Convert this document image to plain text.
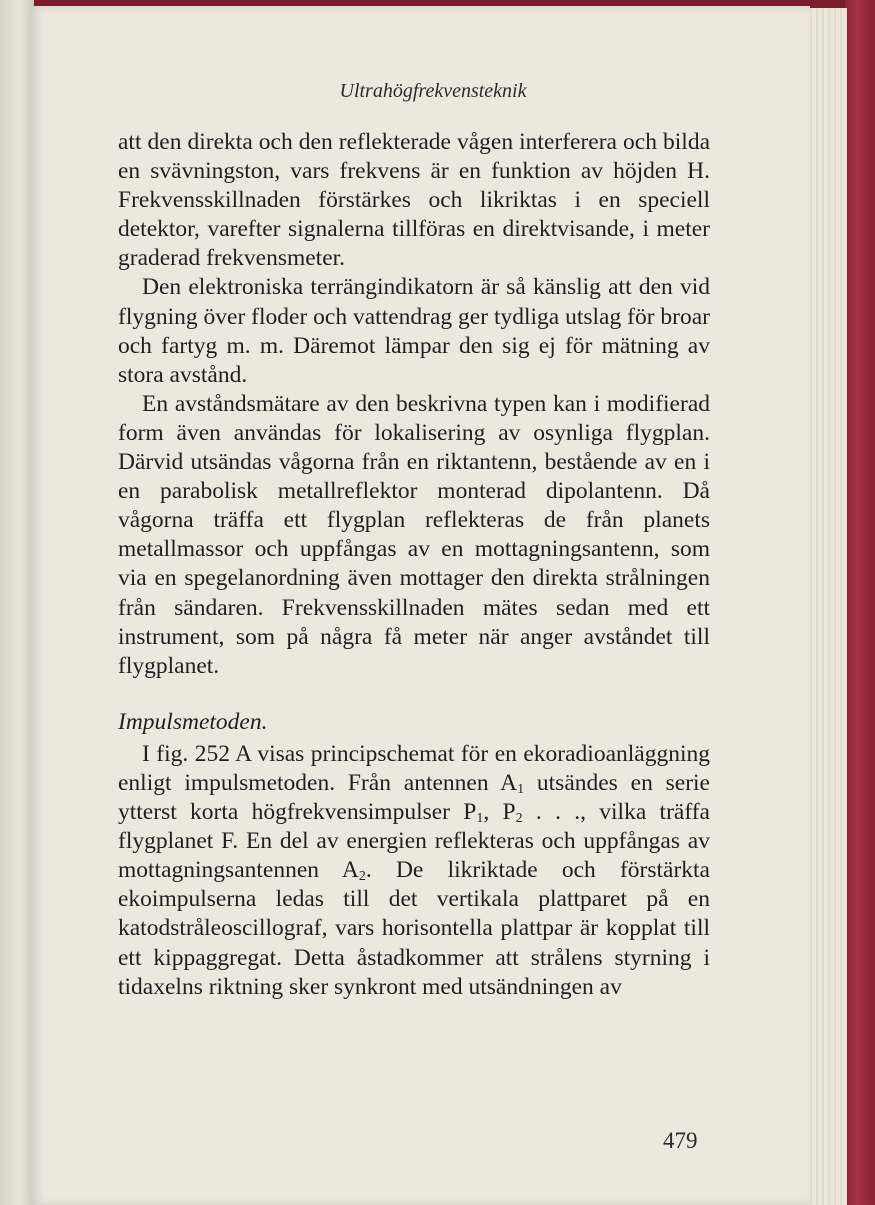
Ultrahögfrekvensteknik

att den direkta och den reflekterade vågen interferera och bilda en svävningston, vars frekvens är en funktion av höjden H. Frekvensskillnaden förstärkes och likriktas i en speciell detektor, varefter signalerna tillföras en direktvisande, i meter graderad frekvensmeter.

Den elektroniska terrängindikatorn är så känslig att den vid flygning över floder och vattendrag ger tydliga utslag för broar och fartyg m. m. Däremot lämpar den sig ej för mätning av stora avstånd.

En avståndsmätare av den beskrivna typen kan i modifierad form även användas för lokalisering av osynliga flygplan. Därvid utsändas vågorna från en riktantenn, bestående av en i en parabolisk metallreflektor monterad dipolantenn. Då vågorna träffa ett flygplan reflekteras de från planets metallmassor och uppfångas av en mottagningsantenn, som via en spegelanordning även mottager den direkta strålningen från sändaren. Frekvensskillnaden mätes sedan med ett instrument, som på några få meter när anger avståndet till flygplanet.

Impulsmetoden.

I fig. 252 A visas principschemat för en ekoradioanläggning enligt impulsmetoden. Från antennen $A_1$ utsändes en serie ytterst korta högfrekvensimpulser $P_1$, $P_2$ . . ., vilka träffa flygplanet F. En del av energien reflekteras och uppfångas av mottagningsantennen $A_2$. De likriktade och förstärkta ekoimpulserna ledas till det vertikala plattparet på en katodstråleoscillograf, vars horisontella plattpar är kopplat till ett kippaggregat. Detta åstadkommer att strålens styrning i tidaxelns riktning sker synkront med utsändningen av

479
